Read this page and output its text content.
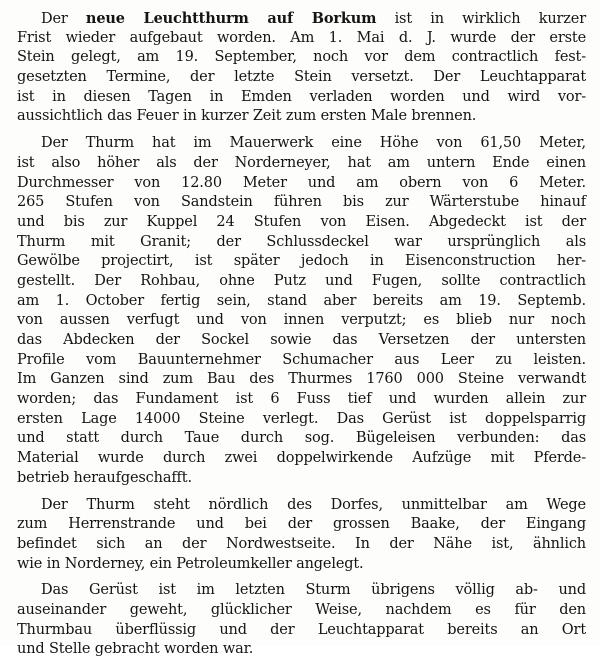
Der neue Leuchtthurm auf Borkum ist in wirklich kurzer
Frist wieder aufgebaut worden. Am 1. Mai d. J. wurde der erste
Stein gelegt, am 19. September, noch vor dem contractlich fest-
gesetzten Termine, der letzte Stein versetzt. Der Leuchtapparat
ist in diesen Tagen in Emden verladen worden und wird vor-
aussichtlich das Feuer in kurzer Zeit zum ersten Male brennen.
Der Thurm hat im Mauerwerk eine Höhe von 61,50 Meter,
ist also höher als der Norderneyer, hat am untern Ende einen
Durchmesser von 12.80 Meter und am obern von 6 Meter.
265 Stufen von Sandstein führen bis zur Wärterstube hinauf
und bis zur Kuppel 24 Stufen von Eisen. Abgedeckt ist der
Thurm mit Granit; der Schlussdeckel war ursprünglich als
Gewölbe projectirt, ist später jedoch in Eisenconstruction her-
gestellt. Der Rohbau, ohne Putz und Fugen, sollte contractlich
am 1. October fertig sein, stand aber bereits am 19. Septemb.
von aussen verfugt und von innen verputzt; es blieb nur noch
das Abdecken der Sockel sowie das Versetzen der untersten
Profile vom Bauunternehmer Schumacher aus Leer zu leisten.
Im Ganzen sind zum Bau des Thurmes 1760 000 Steine verwandt
worden; das Fundament ist 6 Fuss tief und wurden allein zur
ersten Lage 14000 Steine verlegt. Das Gerüst ist doppelsparrig
und statt durch Taue durch sog. Bügeleisen verbunden: das
Material wurde durch zwei doppelwirkende Aufzüge mit Pferde-
betrieb heraufgeschafft.
Der Thurm steht nördlich des Dorfes, unmittelbar am Wege
zum Herrenstrande und bei der grossen Baake, der Eingang
befindet sich an der Nordwestseite. In der Nähe ist, ähnlich
wie in Norderney, ein Petroleumkeller angelegt.
Das Gerüst ist im letzten Sturm übrigens völlig ab- und
auseinander geweht, glücklicher Weise, nachdem es für den
Thurmbau überflüssig und der Leuchtapparat bereits an Ort
und Stelle gebracht worden war.
